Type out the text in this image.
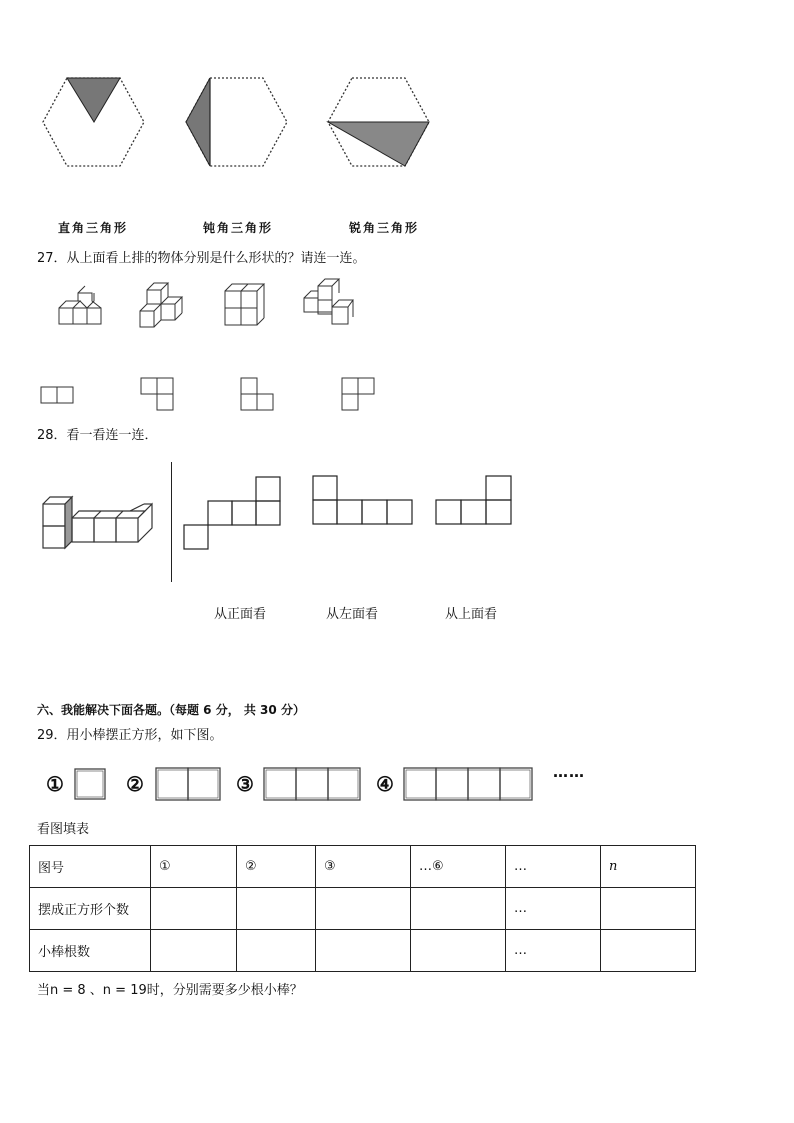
直角三角形	钝角三角形	锐角三角形
27．从上面看上排的物体分别是什么形状的？请连一连。
28．看一看连一连．
从正面看	从左面看	从上面看
六、我能解决下面各题。（每题 6 分， 共 30 分）
29．用小棒摆正方形，如下图。
①	②	③	④	……
看图填表
图号	①	②	③	…⑥	…	n
摆成正方形个数					…	
小棒根数					…	
当n = 8 、n = 19时，分别需要多少根小棒？
